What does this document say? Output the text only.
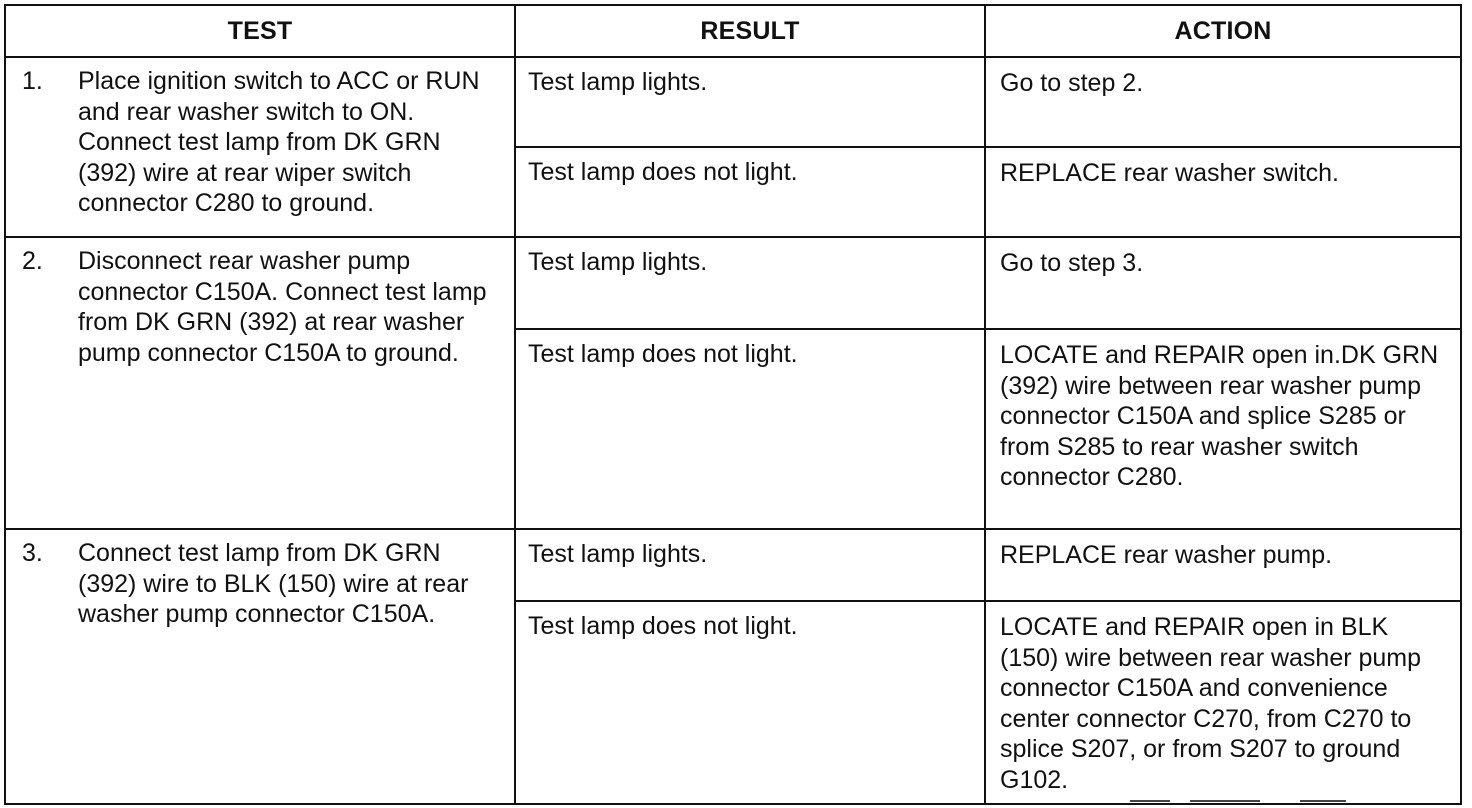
TEST	RESULT	ACTION

1. Place ignition switch to ACC or RUN and rear washer switch to ON. Connect test lamp from DK GRN (392) wire at rear wiper switch connector C280 to ground.	Test lamp lights.	Go to step 2.
	Test lamp does not light.	REPLACE rear washer switch.

2. Disconnect rear washer pump connector C150A. Connect test lamp from DK GRN (392) at rear washer pump connector C150A to ground.	Test lamp lights.	Go to step 3.
	Test lamp does not light.	LOCATE and REPAIR open in.DK GRN (392) wire between rear washer pump connector C150A and splice S285 or from S285 to rear washer switch connector C280.

3. Connect test lamp from DK GRN (392) wire to BLK (150) wire at rear washer pump connector C150A.	Test lamp lights.	REPLACE rear washer pump.
	Test lamp does not light.	LOCATE and REPAIR open in BLK (150) wire between rear washer pump connector C150A and convenience center connector C270, from C270 to splice S207, or from S207 to ground G102.
